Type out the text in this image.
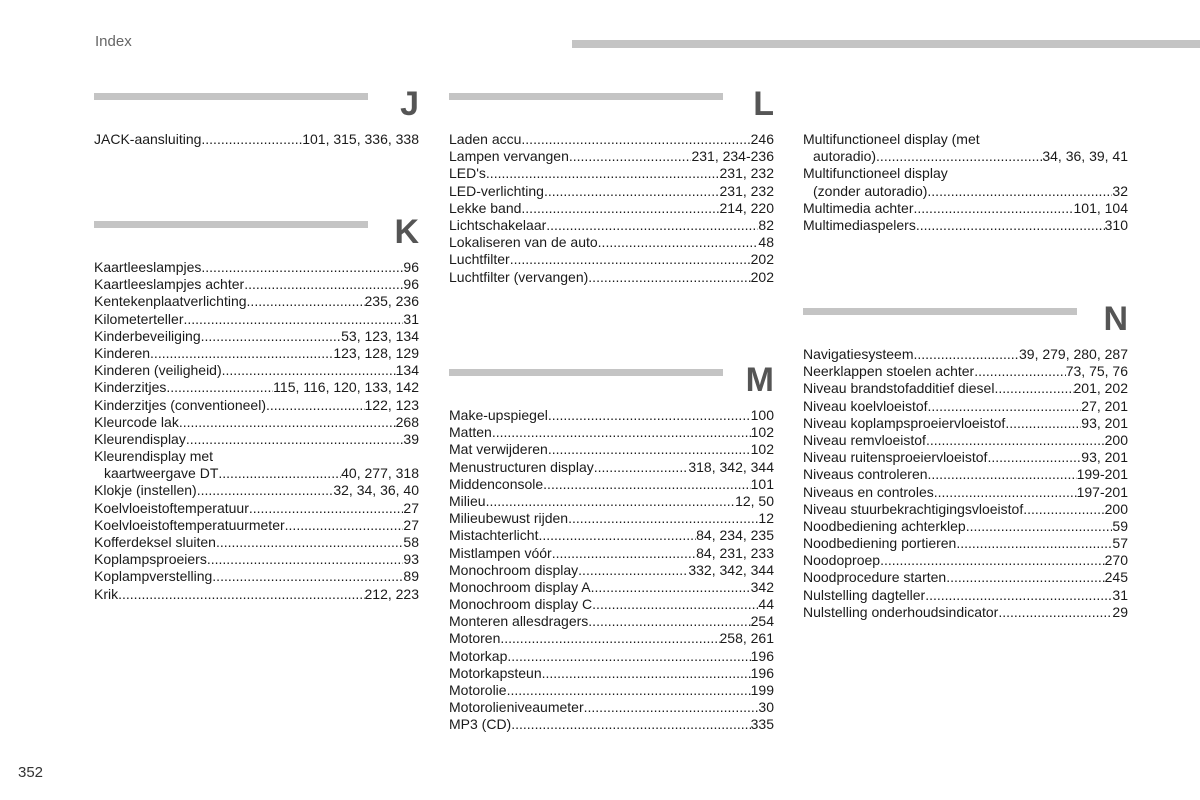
Index
J
JACK-aansluiting .....	101, 315, 336, 338
K
Kaartleeslampjes .....	96
Kaartleeslampjes achter .....	96
Kentekenplaatverlichting .....	235, 236
Kilometerteller .....	31
Kinderbeveiliging .....	53, 123, 134
Kinderen .....	123, 128, 129
Kinderen (veiligheid) .....	134
Kinderzitjes .....	115, 116, 120, 133, 142
Kinderzitjes (conventioneel) .....	122, 123
Kleurcode lak .....	268
Kleurendisplay .....	39
Kleurendisplay met
kaartweergave DT .....	40, 277, 318
Klokje (instellen) .....	32, 34, 36, 40
Koelvloeistoftemperatuur .....	27
Koelvloeistoftemperatuurmeter .....	27
Kofferdeksel sluiten .....	58
Koplampsproeiers .....	93
Koplampverstelling .....	89
Krik .....	212, 223
L
Laden accu .....	246
Lampen vervangen .....	231, 234-236
LED's .....	231, 232
LED-verlichting .....	231, 232
Lekke band .....	214, 220
Lichtschakelaar .....	82
Lokaliseren van de auto .....	48
Luchtfilter .....	202
Luchtfilter (vervangen) .....	202
M
Make-upspiegel .....	100
Matten .....	102
Mat verwijderen .....	102
Menustructuren display .....	318, 342, 344
Middenconsole .....	101
Milieu .....	12, 50
Milieubewust rijden .....	12
Mistachterlicht .....	84, 234, 235
Mistlampen vóór .....	84, 231, 233
Monochroom display .....	332, 342, 344
Monochroom display A .....	342
Monochroom display C .....	44
Monteren allesdragers .....	254
Motoren .....	258, 261
Motorkap .....	196
Motorkapsteun .....	196
Motorolie .....	199
Motorolieniveaumeter .....	30
MP3 (CD) .....	335
Multifunctioneel display (met
autoradio) .....	34, 36, 39, 41
Multifunctioneel display
(zonder autoradio) .....	32
Multimedia achter .....	101, 104
Multimediaspelers .....	310
N
Navigatiesysteem .....	39, 279, 280, 287
Neerklappen stoelen achter .....	73, 75, 76
Niveau brandstofadditief diesel .....	201, 202
Niveau koelvloeistof .....	27, 201
Niveau koplampsproeiervloeistof .....	93, 201
Niveau remvloeistof .....	200
Niveau ruitensproeiervloeistof .....	93, 201
Niveaus controleren .....	199-201
Niveaus en controles .....	197-201
Niveau stuurbekrachtigingsvloeistof .....	200
Noodbediening achterklep .....	59
Noodbediening portieren .....	57
Noodoproep .....	270
Noodprocedure starten .....	245
Nulstelling dagteller .....	31
Nulstelling onderhoudsindicator .....	29
352
